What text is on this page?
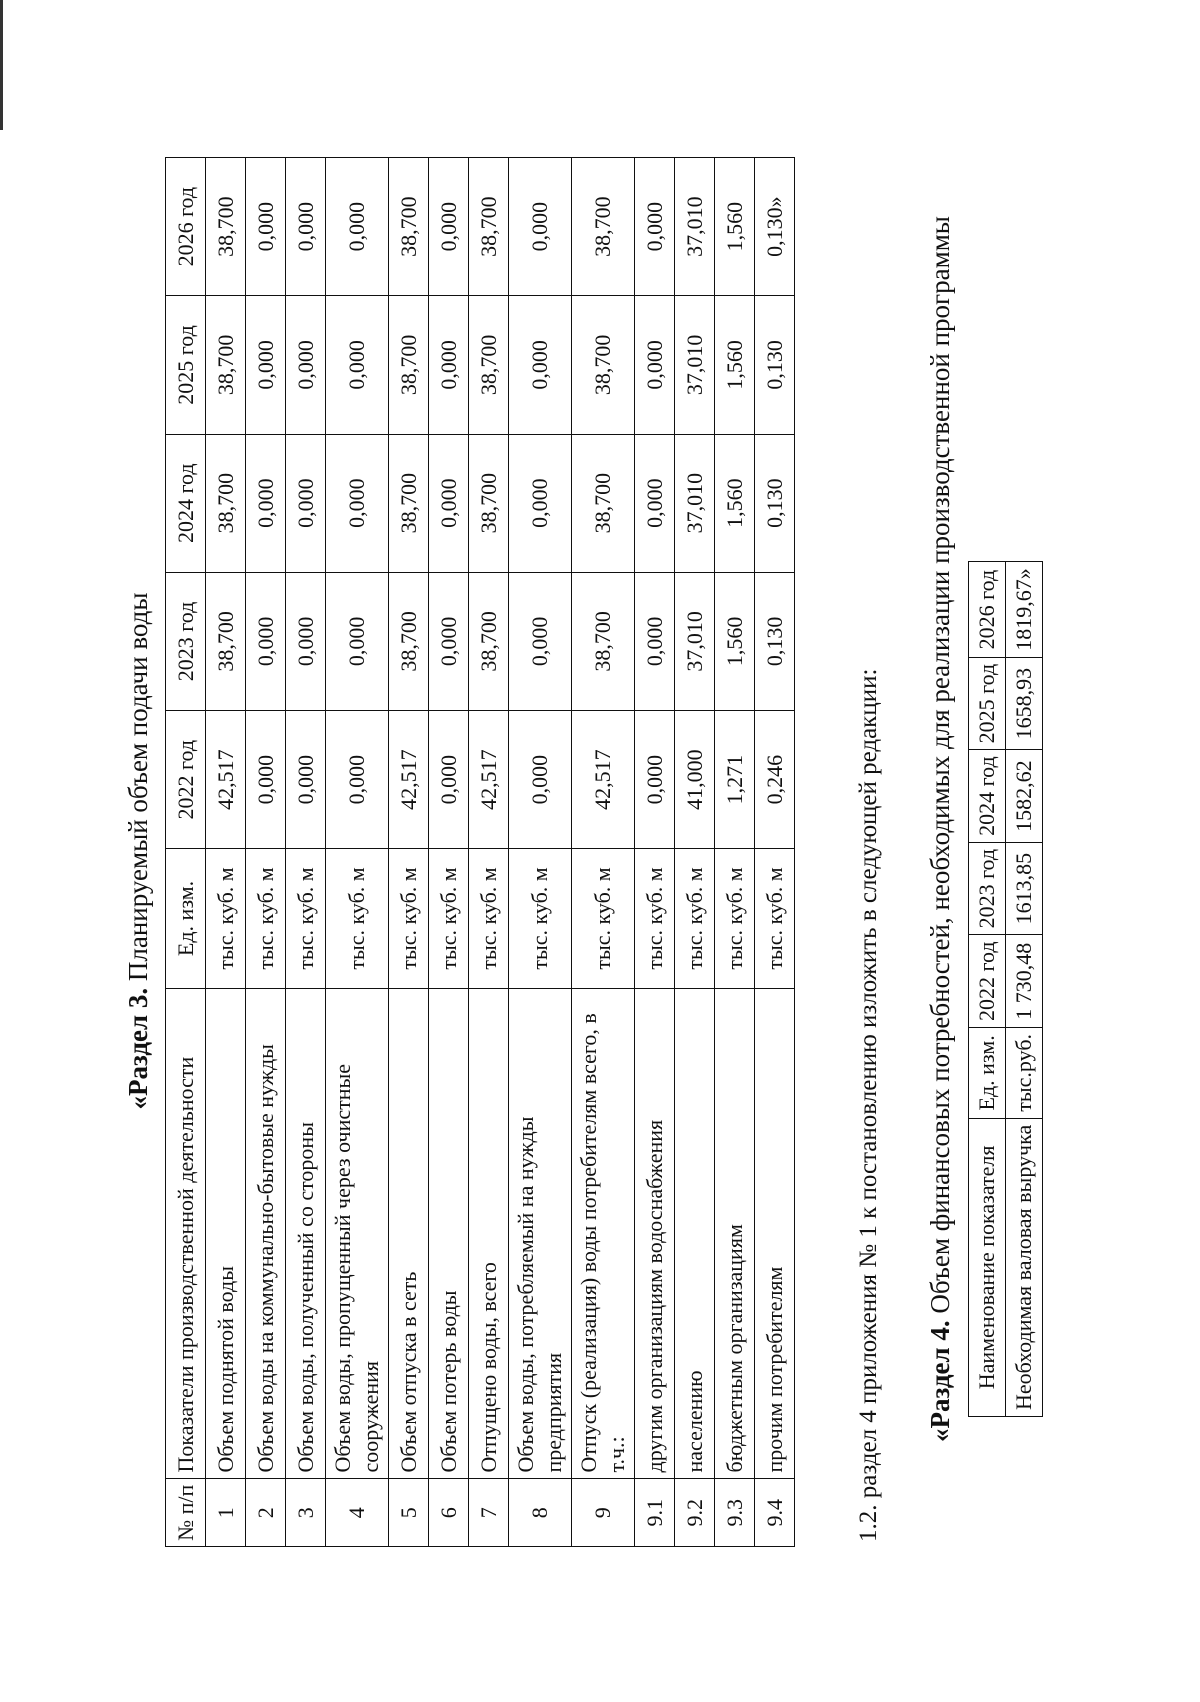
«Раздел 3. Планируемый объем подачи воды
№ п/п	Показатели производственной деятельности	Ед. изм.	2022 год	2023 год	2024 год	2025 год	2026 год
1	Объем поднятой воды	тыс. куб. м	42,517	38,700	38,700	38,700	38,700
2	Объем воды на коммунально-бытовые нужды	тыс. куб. м	0,000	0,000	0,000	0,000	0,000
3	Объем воды, полученный со стороны	тыс. куб. м	0,000	0,000	0,000	0,000	0,000
4	Объем воды, пропущенный через очистные сооружения	тыс. куб. м	0,000	0,000	0,000	0,000	0,000
5	Объем отпуска в сеть	тыс. куб. м	42,517	38,700	38,700	38,700	38,700
6	Объем потерь воды	тыс. куб. м	0,000	0,000	0,000	0,000	0,000
7	Отпущено воды, всего	тыс. куб. м	42,517	38,700	38,700	38,700	38,700
8	Объем воды, потребляемый на нужды предприятия	тыс. куб. м	0,000	0,000	0,000	0,000	0,000
9	Отпуск (реализация) воды потребителям всего, в т.ч.:	тыс. куб. м	42,517	38,700	38,700	38,700	38,700
9.1	другим организациям водоснабжения	тыс. куб. м	0,000	0,000	0,000	0,000	0,000
9.2	населению	тыс. куб. м	41,000	37,010	37,010	37,010	37,010
9.3	бюджетным организациям	тыс. куб. м	1,271	1,560	1,560	1,560	1,560
9.4	прочим потребителям	тыс. куб. м	0,246	0,130	0,130	0,130	0,130»
1.2. раздел 4 приложения № 1 к постановлению изложить в следующей редакции: «Раздел 4. Объем финансовых потребностей, необходимых для реализации производственной программы Наименование показателя	Ед. изм.	2022 год	2023 год	2024 год	2025 год	2026 год
Необходимая валовая выручка	тыс.руб.	1 730,48	1613,85	1582,62	1658,93	1819,67»
